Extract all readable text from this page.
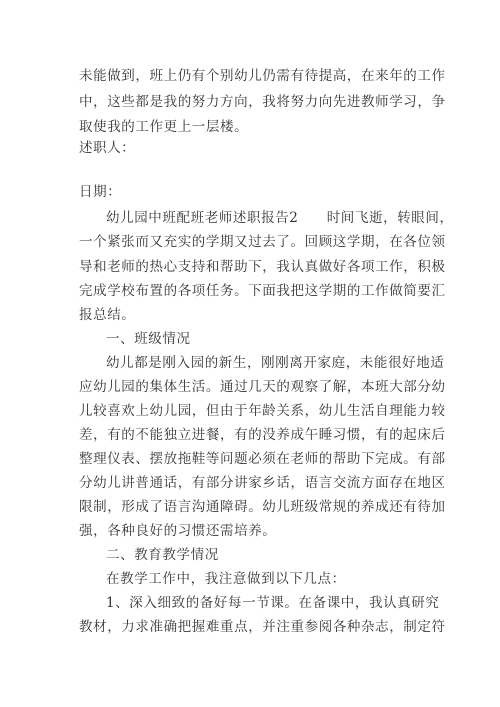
未能做到，班上仍有个别幼儿仍需有待提高，在来年的工作
中，这些都是我的努力方向，我将努力向先进教师学习，争
取使我的工作更上一层楼。
述职人：
日期：
幼儿园中班配班老师述职报告2　　时间飞逝，转眼间，
一个紧张而又充实的学期又过去了。回顾这学期，在各位领
导和老师的热心支持和帮助下，我认真做好各项工作，积极
完成学校布置的各项任务。下面我把这学期的工作做简要汇
报总结。
一、班级情况
幼儿都是刚入园的新生，刚刚离开家庭，未能很好地适
应幼儿园的集体生活。通过几天的观察了解，本班大部分幼
儿较喜欢上幼儿园，但由于年龄关系，幼儿生活自理能力较
差，有的不能独立进餐，有的没养成午睡习惯，有的起床后
整理仪表、摆放拖鞋等问题必须在老师的帮助下完成。有部
分幼儿讲普通话，有部分讲家乡话，语言交流方面存在地区
限制，形成了语言沟通障碍。幼儿班级常规的养成还有待加
强，各种良好的习惯还需培养。
二、教育教学情况
在教学工作中，我注意做到以下几点：
1、深入细致的备好每一节课。在备课中，我认真研究
教材，力求准确把握难重点，并注重参阅各种杂志，制定符
